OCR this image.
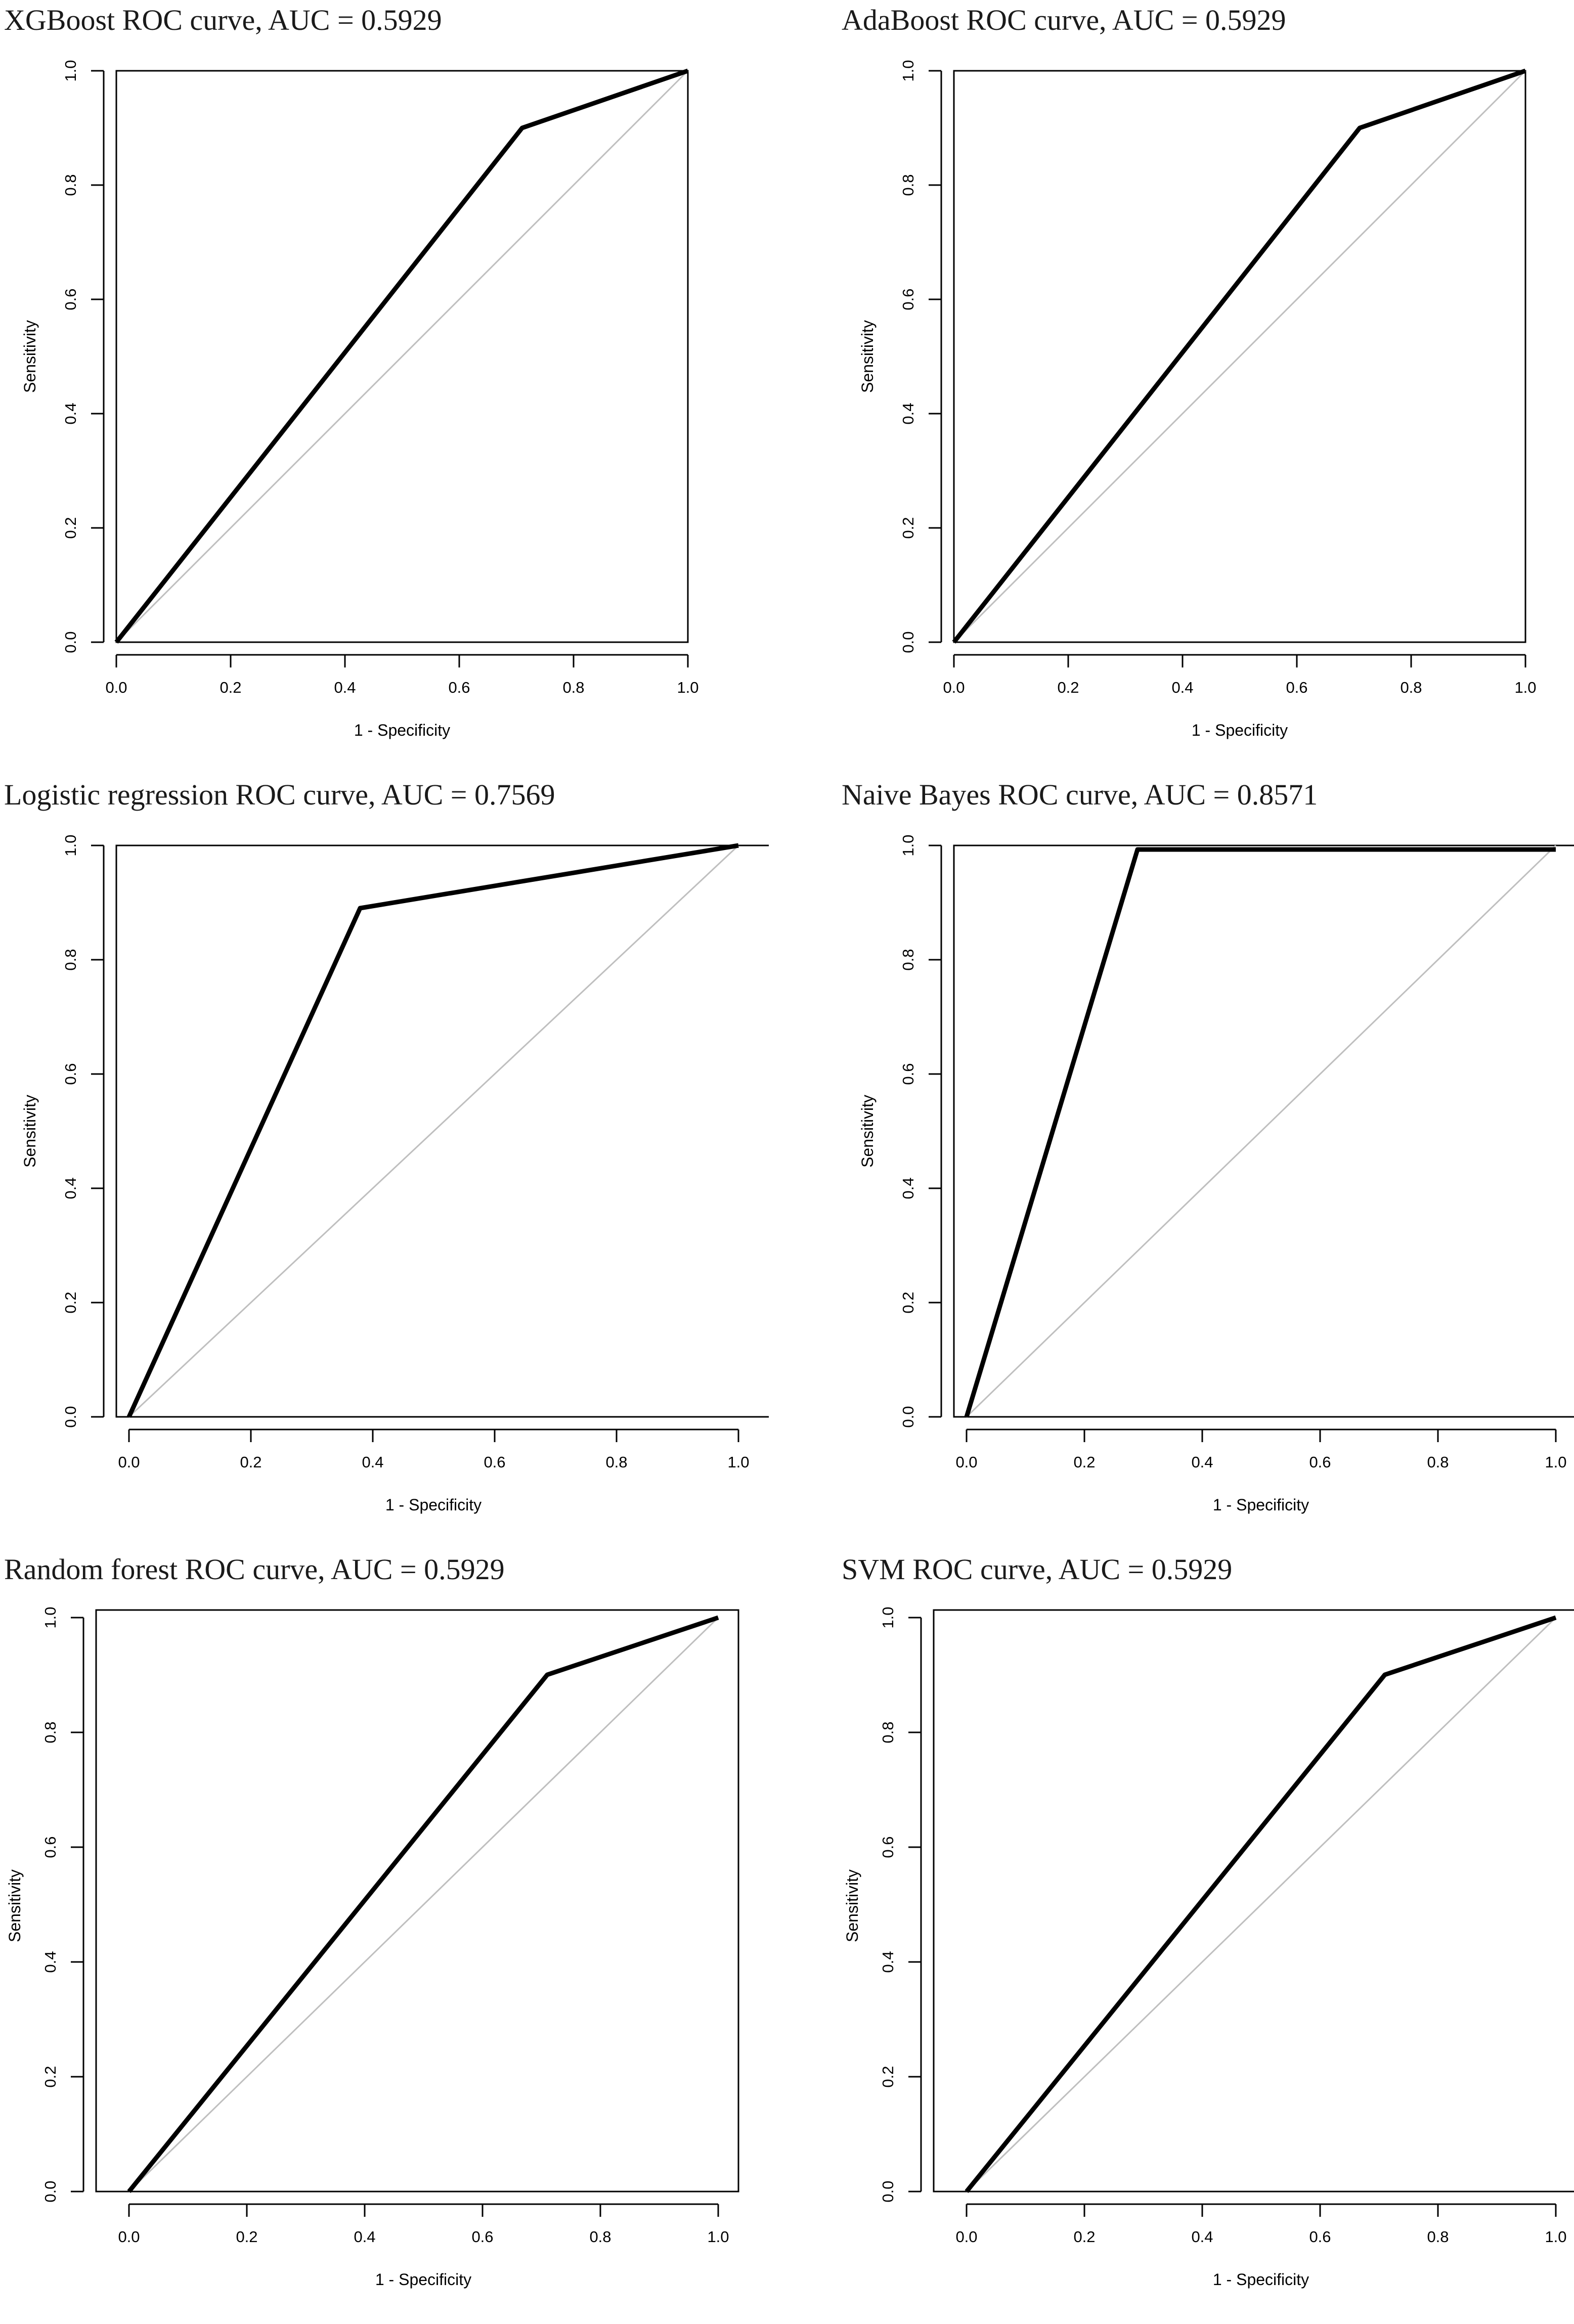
XGBoost ROC curve, AUC = 0.5929
0.0	0.2	0.4	0.6	0.8	1.0
1 - Specificity
0.0
0.2
0.4
0.6
0.8
1.0
Sensitivity
AdaBoost ROC curve, AUC = 0.5929
0.0	0.2	0.4	0.6	0.8	1.0
1 - Specificity
0.0
0.2
0.4
0.6
0.8
1.0
Sensitivity
Logistic regression ROC curve, AUC = 0.7569
0.0	0.2	0.4	0.6	0.8	1.0
1 - Specificity
0.0
0.2
0.4
0.6
0.8
1.0
Sensitivity
Naive Bayes ROC curve, AUC = 0.8571
0.0	0.2	0.4	0.6	0.8	1.0
1 - Specificity
0.0
0.2
0.4
0.6
0.8
1.0
Sensitivity
Random forest ROC curve, AUC = 0.5929
0.0	0.2	0.4	0.6	0.8	1.0
1 - Specificity
0.0
0.2
0.4
0.6
0.8
1.0
Sensitivity
SVM ROC curve, AUC = 0.5929
0.0	0.2	0.4	0.6	0.8	1.0
1 - Specificity
0.0
0.2
0.4
0.6
0.8
1.0
Sensitivity
